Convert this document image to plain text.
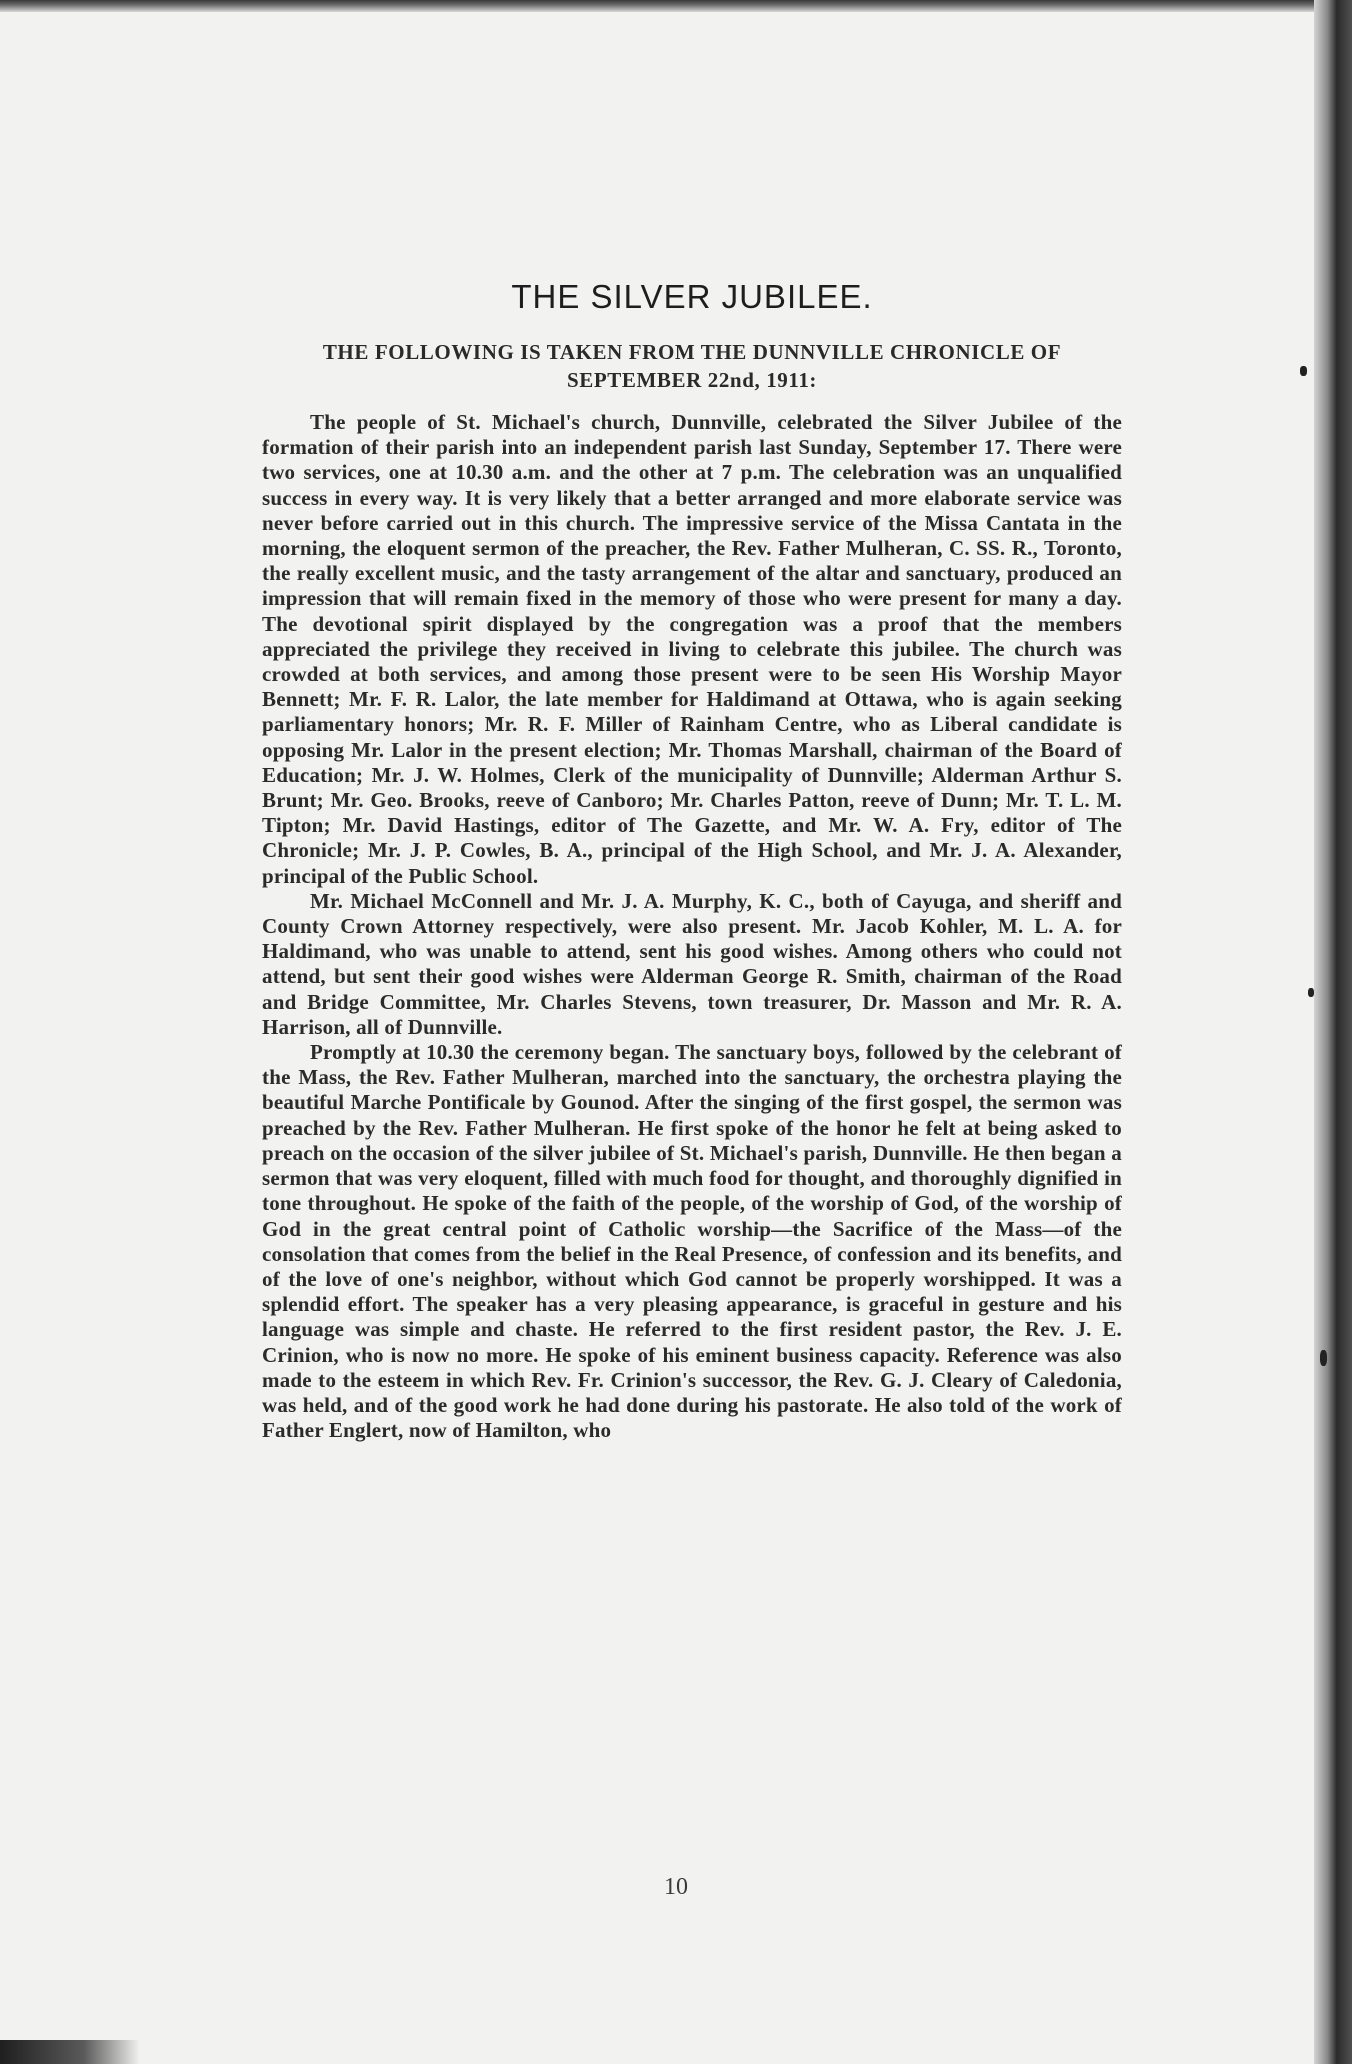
THE SILVER JUBILEE.

THE FOLLOWING IS TAKEN FROM THE DUNNVILLE CHRONICLE OF SEPTEMBER 22nd, 1911:

The people of St. Michael's church, Dunnville, celebrated the Silver Jubilee of the formation of their parish into an independent parish last Sunday, September 17. There were two services, one at 10.30 a.m. and the other at 7 p.m. The celebration was an unqualified success in every way. It is very likely that a better arranged and more elaborate service was never before carried out in this church. The impressive service of the Missa Cantata in the morning, the eloquent sermon of the preacher, the Rev. Father Mulheran, C. SS. R., Toronto, the really excellent music, and the tasty arrangement of the altar and sanctuary, produced an impression that will remain fixed in the memory of those who were present for many a day. The devotional spirit displayed by the congregation was a proof that the members appreciated the privilege they received in living to celebrate this jubilee. The church was crowded at both services, and among those present were to be seen His Worship Mayor Bennett; Mr. F. R. Lalor, the late member for Haldimand at Ottawa, who is again seeking parliamentary honors; Mr. R. F. Miller of Rainham Centre, who as Liberal candidate is opposing Mr. Lalor in the present election; Mr. Thomas Marshall, chairman of the Board of Education; Mr. J. W. Holmes, Clerk of the municipality of Dunnville; Alderman Arthur S. Brunt; Mr. Geo. Brooks, reeve of Canboro; Mr. Charles Patton, reeve of Dunn; Mr. T. L. M. Tipton; Mr. David Hastings, editor of The Gazette, and Mr. W. A. Fry, editor of The Chronicle; Mr. J. P. Cowles, B. A., principal of the High School, and Mr. J. A. Alexander, principal of the Public School.

Mr. Michael McConnell and Mr. J. A. Murphy, K. C., both of Cayuga, and sheriff and County Crown Attorney respectively, were also present. Mr. Jacob Kohler, M. L. A. for Haldimand, who was unable to attend, sent his good wishes. Among others who could not attend, but sent their good wishes were Alderman George R. Smith, chairman of the Road and Bridge Committee, Mr. Charles Stevens, town treasurer, Dr. Masson and Mr. R. A. Harrison, all of Dunnville.

Promptly at 10.30 the ceremony began. The sanctuary boys, followed by the celebrant of the Mass, the Rev. Father Mulheran, marched into the sanctuary, the orchestra playing the beautiful Marche Pontificale by Gounod. After the singing of the first gospel, the sermon was preached by the Rev. Father Mulheran. He first spoke of the honor he felt at being asked to preach on the occasion of the silver jubilee of St. Michael's parish, Dunnville. He then began a sermon that was very eloquent, filled with much food for thought, and thoroughly dignified in tone throughout. He spoke of the faith of the people, of the worship of God, of the worship of God in the great central point of Catholic worship—the Sacrifice of the Mass—of the consolation that comes from the belief in the Real Presence, of confession and its benefits, and of the love of one's neighbor, without which God cannot be properly worshipped. It was a splendid effort. The speaker has a very pleasing appearance, is graceful in gesture and his language was simple and chaste. He referred to the first resident pastor, the Rev. J. E. Crinion, who is now no more. He spoke of his eminent business capacity. Reference was also made to the esteem in which Rev. Fr. Crinion's successor, the Rev. G. J. Cleary of Caledonia, was held, and of the good work he had done during his pastorate. He also told of the work of Father Englert, now of Hamilton, who

10
